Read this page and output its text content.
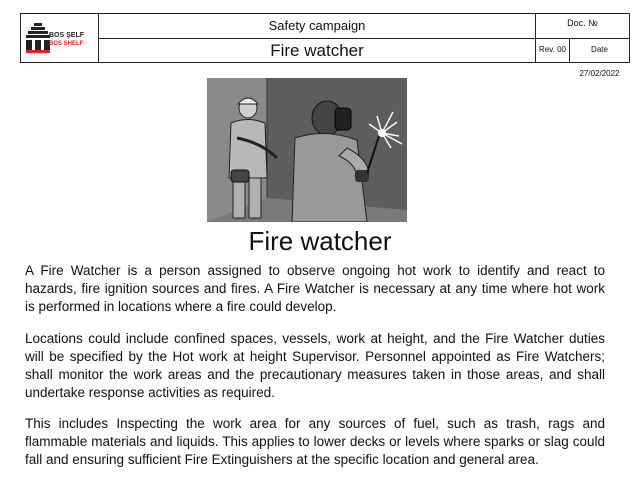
BOS ŞELF
BOS SHELF
Safety campaign
Fire watcher
Doc. №
Rev. 00	Date 27/02/2022
Fire watcher
A Fire Watcher is a person assigned to observe ongoing hot work to identify and react to hazards, fire ignition sources and fires. A Fire Watcher is necessary at any time where hot work is performed in locations where a fire could develop.
Locations could include confined spaces, vessels, work at height, and the Fire Watcher duties will be specified by the Hot work at height Supervisor. Personnel appointed as Fire Watchers; shall monitor the work areas and the precautionary measures taken in those areas, and shall undertake response activities as required.
This includes Inspecting the work area for any sources of fuel, such as trash, rags and flammable materials and liquids. This applies to lower decks or levels where sparks or slag could fall and ensuring sufficient Fire Extinguishers at the specific location and general area.
